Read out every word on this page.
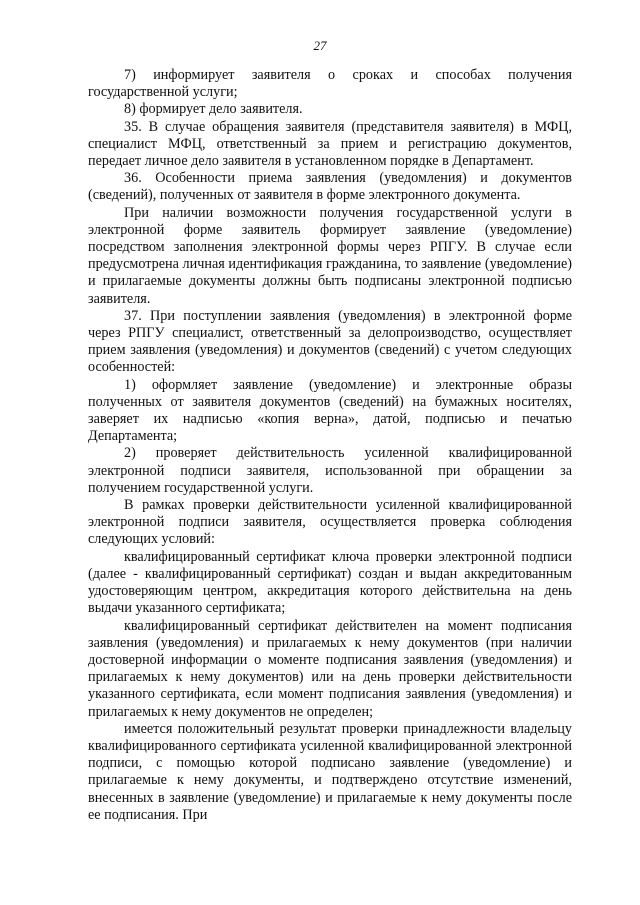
27

7) информирует заявителя о сроках и способах получения государственной услуги;

8) формирует дело заявителя.

35. В случае обращения заявителя (представителя заявителя) в МФЦ, специалист МФЦ, ответственный за прием и регистрацию документов, передает личное дело заявителя в установленном порядке в Департамент.

36. Особенности приема заявления (уведомления) и документов (сведений), полученных от заявителя в форме электронного документа.

При наличии возможности получения государственной услуги в электронной форме заявитель формирует заявление (уведомление) посредством заполнения электронной формы через РПГУ. В случае если предусмотрена личная идентификация гражданина, то заявление (уведомление) и прилагаемые документы должны быть подписаны электронной подписью заявителя.

37. При поступлении заявления (уведомления) в электронной форме через РПГУ специалист, ответственный за делопроизводство, осуществляет прием заявления (уведомления) и документов (сведений) с учетом следующих особенностей:

1) оформляет заявление (уведомление) и электронные образы полученных от заявителя документов (сведений) на бумажных носителях, заверяет их надписью «копия верна», датой, подписью и печатью Департамента;

2) проверяет действительность усиленной квалифицированной электронной подписи заявителя, использованной при обращении за получением государственной услуги.

В рамках проверки действительности усиленной квалифицированной электронной подписи заявителя, осуществляется проверка соблюдения следующих условий:

квалифицированный сертификат ключа проверки электронной подписи (далее - квалифицированный сертификат) создан и выдан аккредитованным удостоверяющим центром, аккредитация которого действительна на день выдачи указанного сертификата;

квалифицированный сертификат действителен на момент подписания заявления (уведомления) и прилагаемых к нему документов (при наличии достоверной информации о моменте подписания заявления (уведомления) и прилагаемых к нему документов) или на день проверки действительности указанного сертификата, если момент подписания заявления (уведомления) и прилагаемых к нему документов не определен;

имеется положительный результат проверки принадлежности владельцу квалифицированного сертификата усиленной квалифицированной электронной подписи, с помощью которой подписано заявление (уведомление) и прилагаемые к нему документы, и подтверждено отсутствие изменений, внесенных в заявление (уведомление) и прилагаемые к нему документы после ее подписания. При
